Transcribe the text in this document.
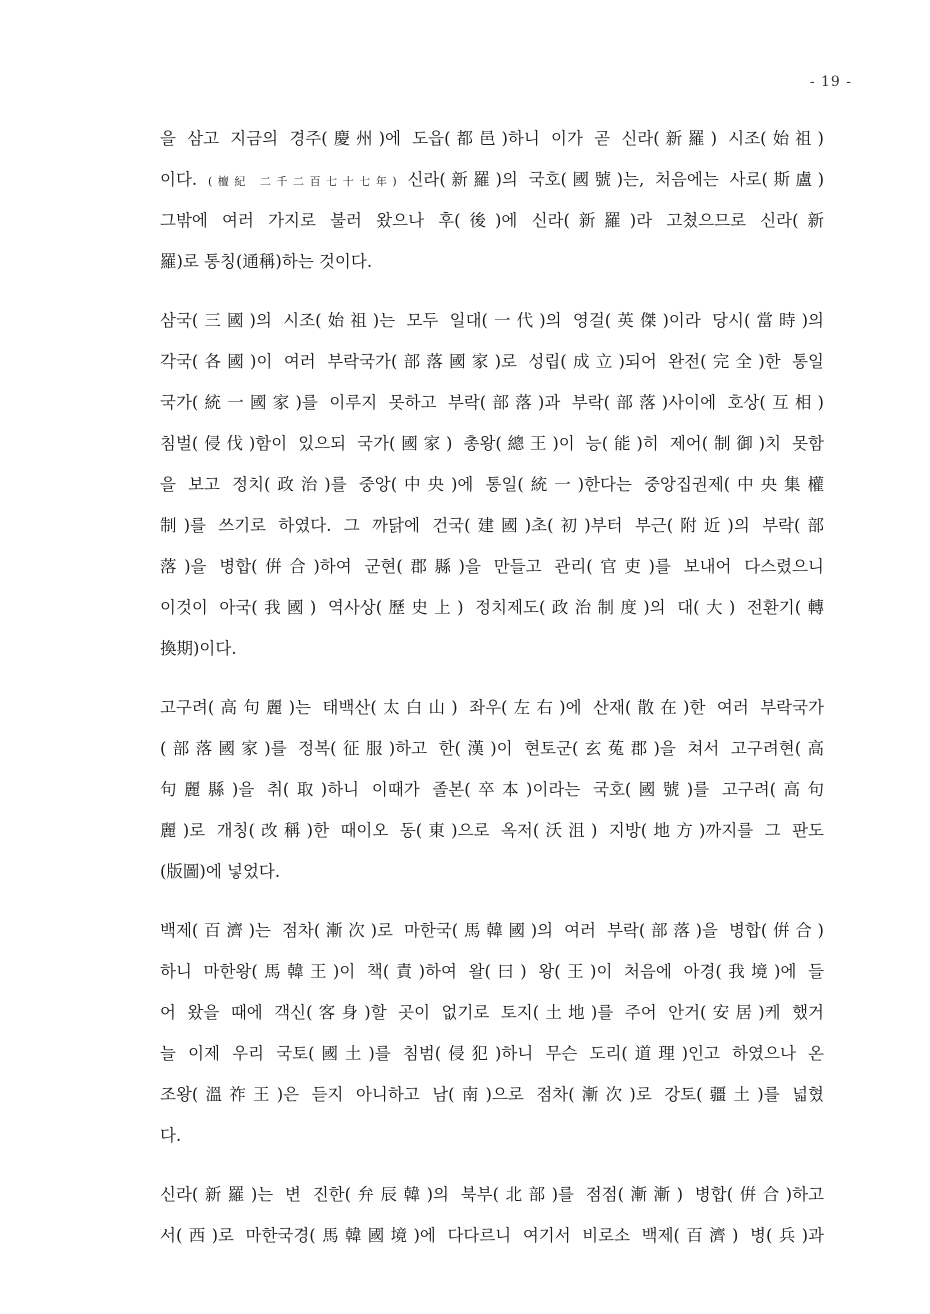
- 19 -
을 삼고 지금의 경주(慶州)에 도읍(都邑)하니 이가 곧 신라(新羅) 시조(始祖)
이다. (檀紀 二千二百七十七年) 신라(新羅)의 국호(國號)는, 처음에는 사로(斯盧)
그밖에 여러 가지로 불러 왔으나 후(後)에 신라(新羅)라 고쳤으므로 신라(新
羅)로 통칭(通稱)하는 것이다.
삼국(三國)의 시조(始祖)는 모두 일대(一代)의 영걸(英傑)이라 당시(當時)의
각국(各國)이 여러 부락국가(部落國家)로 성립(成立)되어 완전(完全)한 통일
국가(統一國家)를 이루지 못하고 부락(部落)과 부락(部落)사이에 호상(互相)
침벌(侵伐)함이 있으되 국가(國家) 총왕(總王)이 능(能)히 제어(制御)치 못함
을 보고 정치(政治)를 중앙(中央)에 통일(統一)한다는 중앙집권제(中央集權
制)를 쓰기로 하였다. 그 까닭에 건국(建國)초(初)부터 부근(附近)의 부락(部
落)을 병합(倂合)하여 군현(郡縣)을 만들고 관리(官吏)를 보내어 다스렸으니
이것이 아국(我國) 역사상(歷史上) 정치제도(政治制度)의 대(大) 전환기(轉
換期)이다.
고구려(高句麗)는 태백산(太白山) 좌우(左右)에 산재(散在)한 여러 부락국가
(部落國家)를 정복(征服)하고 한(漢)이 현토군(玄菟郡)을 쳐서 고구려현(高
句麗縣)을 취(取)하니 이때가 졸본(卒本)이라는 국호(國號)를 고구려(高句
麗)로 개칭(改稱)한 때이오 동(東)으로 옥저(沃沮) 지방(地方)까지를 그 판도
(版圖)에 넣었다.
백제(百濟)는 점차(漸次)로 마한국(馬韓國)의 여러 부락(部落)을 병합(倂合)
하니 마한왕(馬韓王)이 책(責)하여 왈(曰) 왕(王)이 처음에 아경(我境)에 들
어 왔을 때에 객신(客身)할 곳이 없기로 토지(土地)를 주어 안거(安居)케 했거
늘 이제 우리 국토(國土)를 침범(侵犯)하니 무슨 도리(道理)인고 하였으나 온
조왕(溫祚王)은 듣지 아니하고 남(南)으로 점차(漸次)로 강토(疆土)를 넓혔
다.
신라(新羅)는 변 진한(弁辰韓)의 북부(北部)를 점점(漸漸) 병합(倂合)하고
서(西)로 마한국경(馬韓國境)에 다다르니 여기서 비로소 백제(百濟) 병(兵)과
